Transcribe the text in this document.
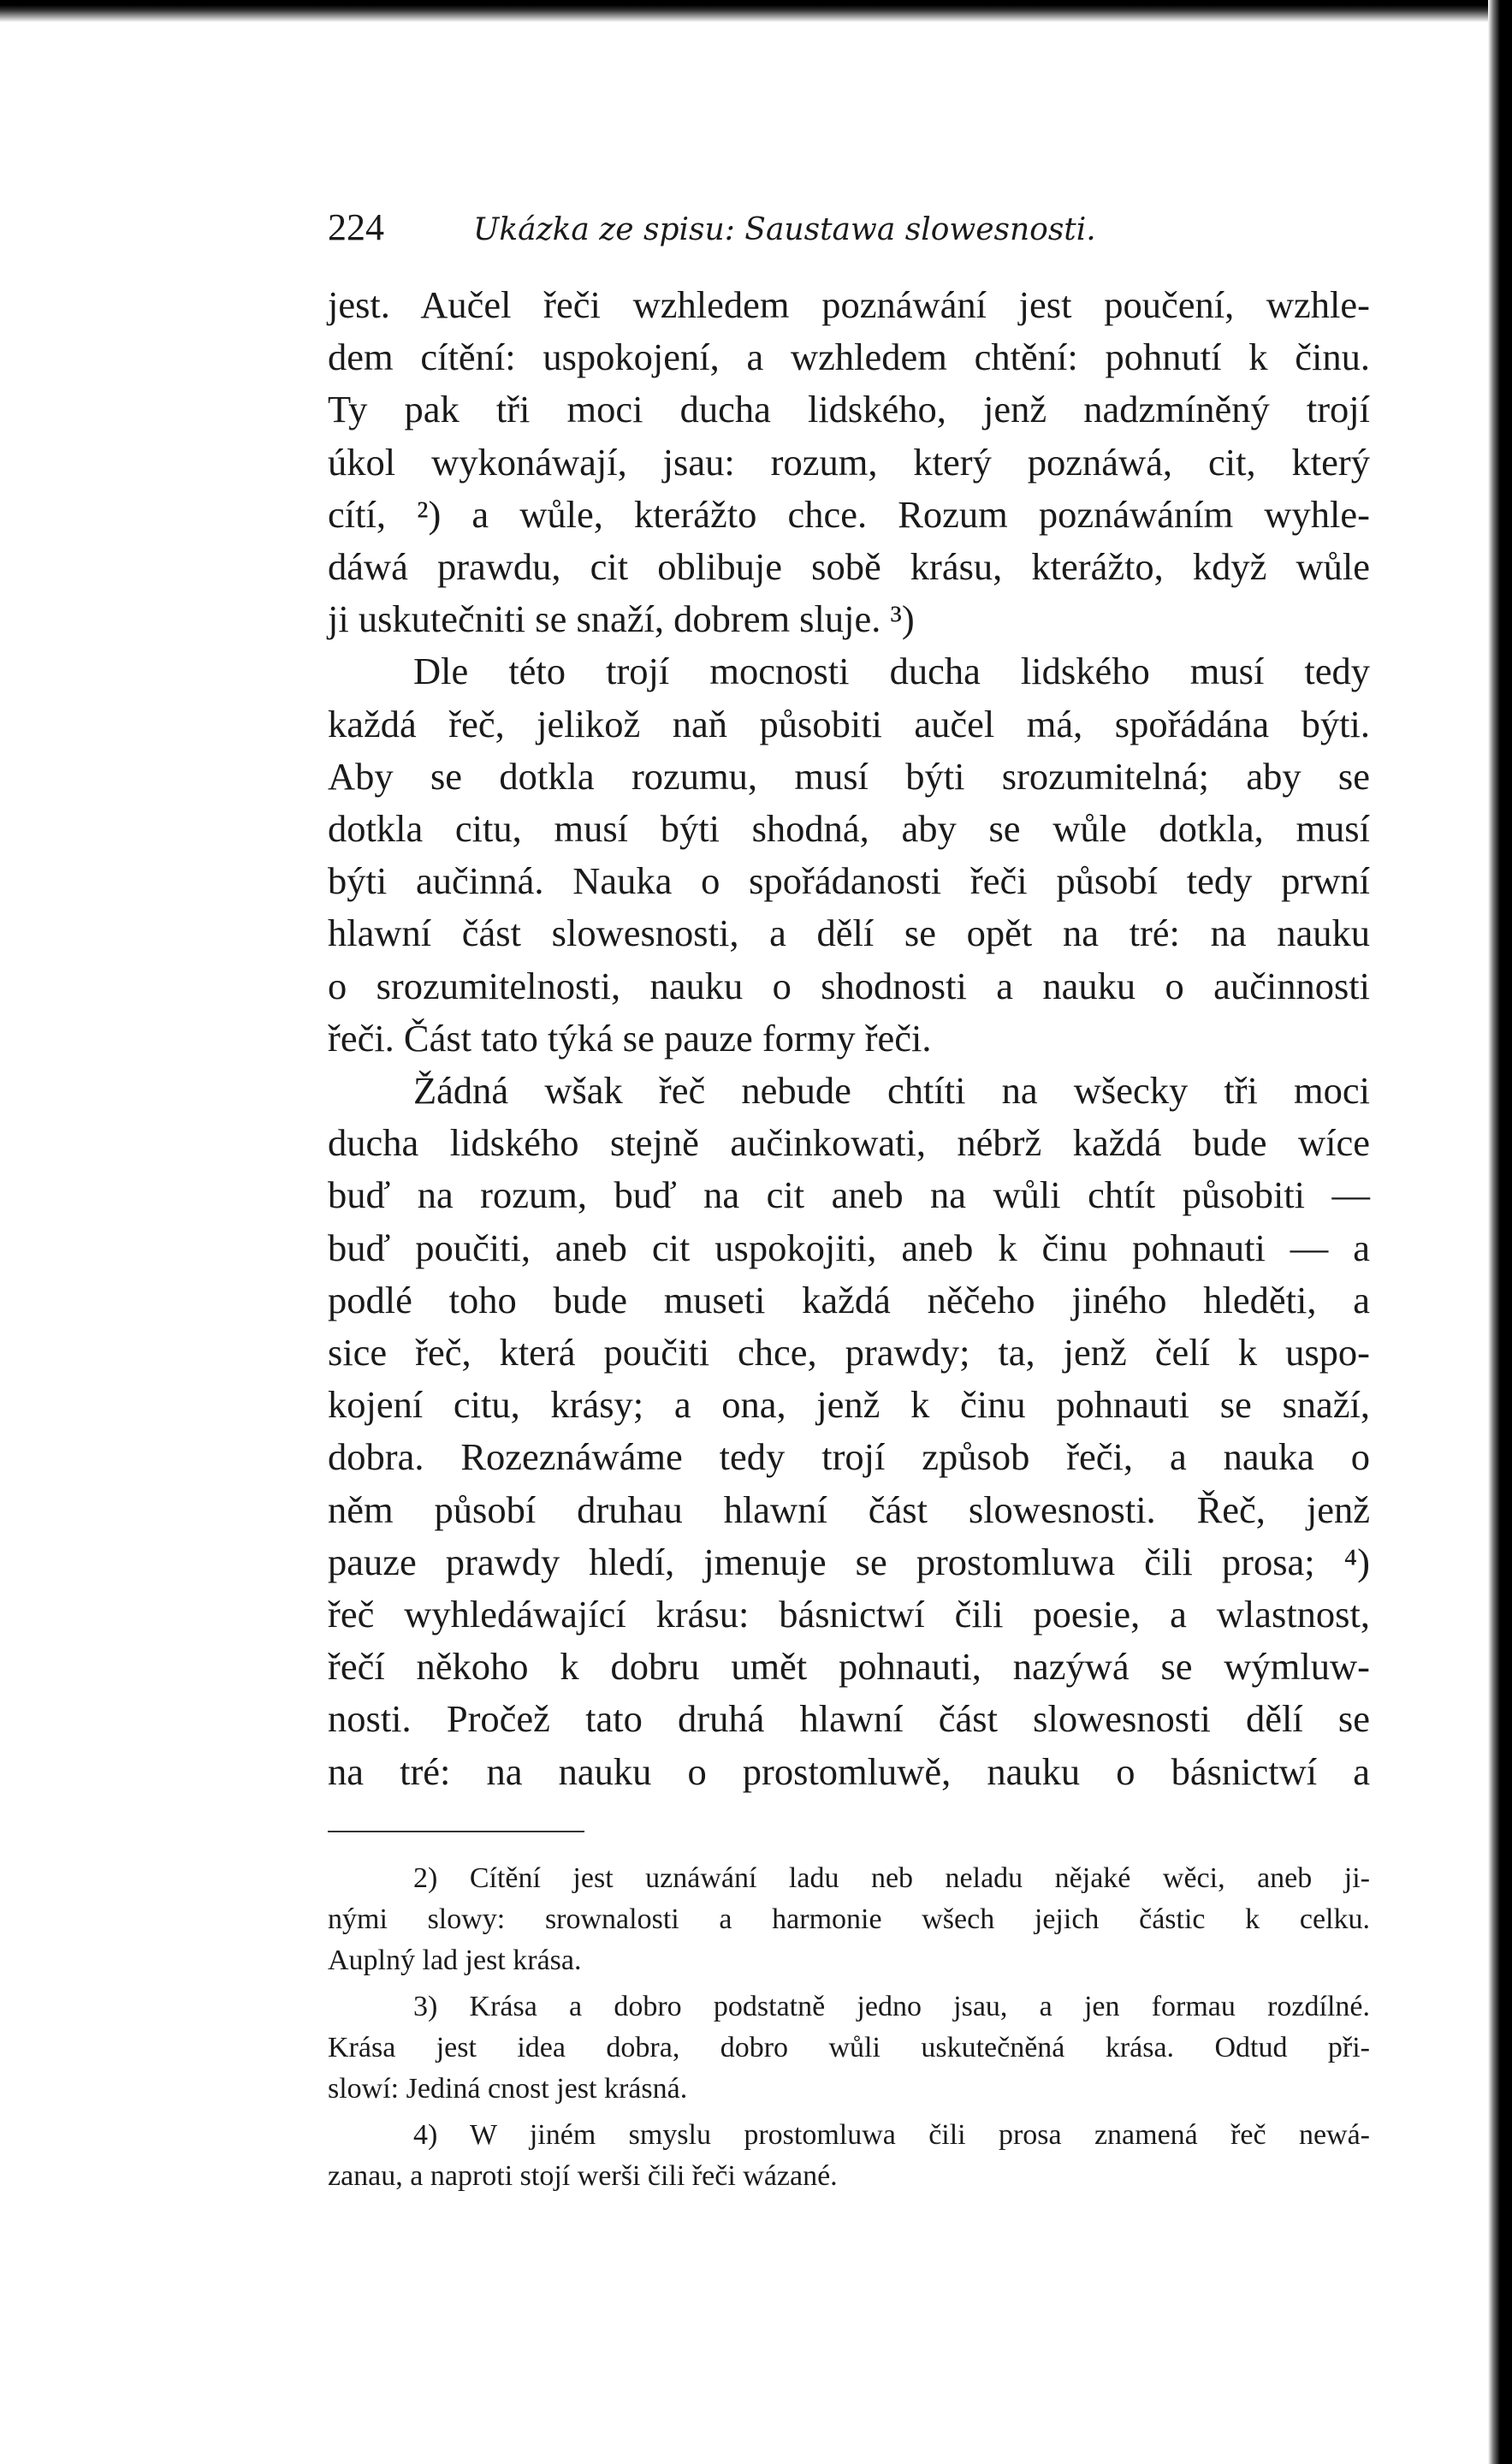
224	Ukázka ze spisu: Saustawa slowesnosti.
jest. Aučel řeči wzhledem poznáwání jest poučení, wzhle-
dem cítění: uspokojení, a wzhledem chtění: pohnutí k činu.
Ty pak tři moci ducha lidského, jenž nadzmíněný trojí
úkol wykonáwají, jsau: rozum, který poznáwá, cit, který
cítí, ²) a wůle, kterážto chce. Rozum poznáwáním wyhle-
dáwá prawdu, cit oblibuje sobě krásu, kterážto, když wůle
ji uskutečniti se snaží, dobrem sluje. ³)
Dle této trojí mocnosti ducha lidského musí tedy
každá řeč, jelikož naň působiti aučel má, spořádána býti.
Aby se dotkla rozumu, musí býti srozumitelná; aby se
dotkla citu, musí býti shodná, aby se wůle dotkla, musí
býti aučinná. Nauka o spořádanosti řeči působí tedy prwní
hlawní část slowesnosti, a dělí se opět na tré: na nauku
o srozumitelnosti, nauku o shodnosti a nauku o aučinnosti
řeči. Část tato týká se pauze formy řeči.
Žádná wšak řeč nebude chtíti na wšecky tři moci
ducha lidského stejně aučinkowati, nébrž každá bude wíce
buď na rozum, buď na cit aneb na wůli chtít působiti —
buď poučiti, aneb cit uspokojiti, aneb k činu pohnauti — a
podlé toho bude museti každá něčeho jiného hleděti, a
sice řeč, která poučiti chce, prawdy; ta, jenž čelí k uspo-
kojení citu, krásy; a ona, jenž k činu pohnauti se snaží,
dobra. Rozeznáwáme tedy trojí způsob řeči, a nauka o
něm působí druhau hlawní část slowesnosti. Řeč, jenž
pauze prawdy hledí, jmenuje se prostomluwa čili prosa; ⁴)
řeč wyhledáwající krásu: básnictwí čili poesie, a wlastnost,
řečí někoho k dobru umět pohnauti, nazýwá se wýmluw-
nosti. Pročež tato druhá hlawní část slowesnosti dělí se
na tré: na nauku o prostomluwě, nauku o básnictwí a
2) Cítění jest uznáwání ladu neb neladu nějaké wěci, aneb ji-
nými slowy: srownalosti a harmonie wšech jejich částic k celku.
Auplný lad jest krása.
3) Krása a dobro podstatně jedno jsau, a jen formau rozdílné.
Krása jest idea dobra, dobro wůli uskutečněná krása. Odtud při-
slowí: Jediná cnost jest krásná.
4) W jiném smyslu prostomluwa čili prosa znamená řeč newá-
zanau, a naproti stojí werši čili řeči wázané.
